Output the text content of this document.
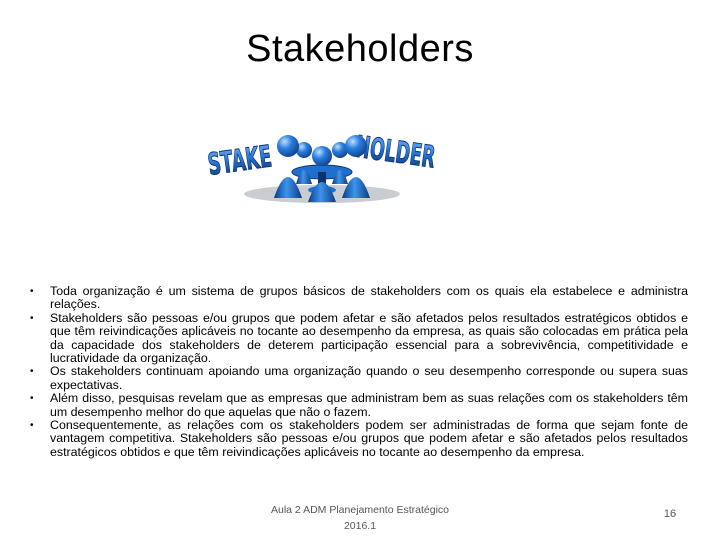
Stakeholders
STAKE HOLDER
• Toda organização é um sistema de grupos básicos de stakeholders com os quais ela estabelece e administra relações.
• Stakeholders são pessoas e/ou grupos que podem afetar e são afetados pelos resultados estratégicos obtidos e que têm reivindicações aplicáveis no tocante ao desempenho da empresa, as quais são colocadas em prática pela da capacidade dos stakeholders de deterem participação essencial para a sobrevivência, competitividade e lucratividade da organização.
• Os stakeholders continuam apoiando uma organização quando o seu desempenho corresponde ou supera suas expectativas.
• Além disso, pesquisas revelam que as empresas que administram bem as suas relações com os stakeholders têm um desempenho melhor do que aquelas que não o fazem.
• Consequentemente, as relações com os stakeholders podem ser administradas de forma que sejam fonte de vantagem competitiva. Stakeholders são pessoas e/ou grupos que podem afetar e são afetados pelos resultados estratégicos obtidos e que têm reivindicações aplicáveis no tocante ao desempenho da empresa.
Aula 2 ADM Planejamento Estratégico
2016.1
16
